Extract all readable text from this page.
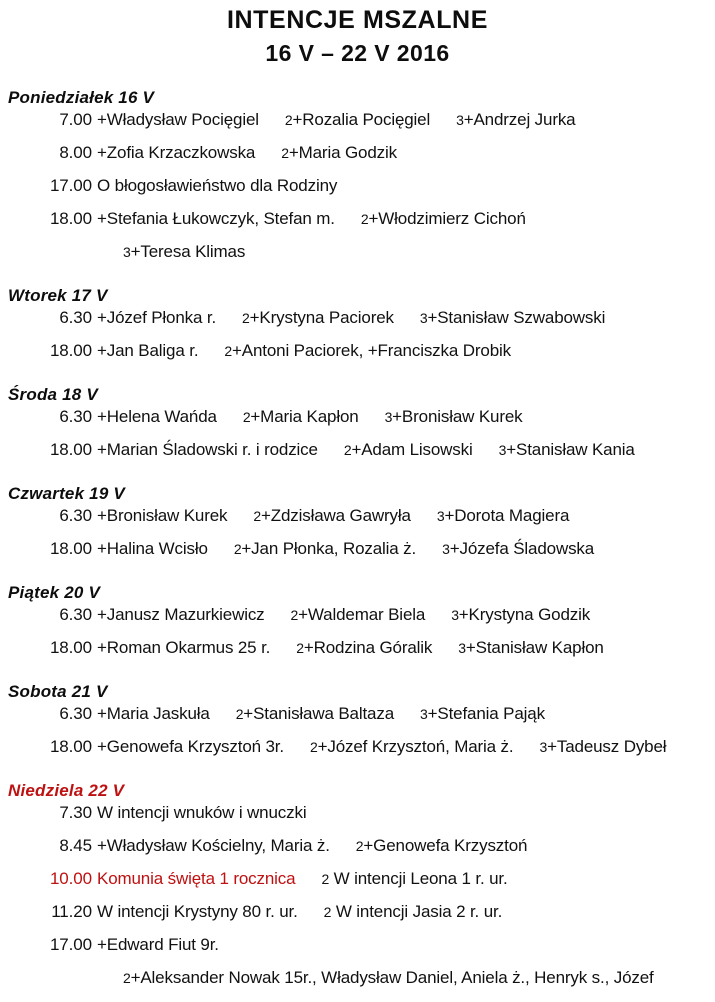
INTENCJE MSZALNE
16 V – 22 V 2016
Poniedziałek 16 V
7.00 +Władysław Pocięgiel 2+Rozalia Pocięgiel 3+Andrzej Jurka
8.00 +Zofia Krzaczkowska 2+Maria Godzik
17.00 O błogosławieństwo dla Rodziny
18.00 +Stefania Łukowczyk, Stefan m. 2+Włodzimierz Cichoń
3+Teresa Klimas
Wtorek 17 V
6.30 +Józef Płonka r. 2+Krystyna Paciorek 3+Stanisław Szwabowski
18.00 +Jan Baliga r. 2+Antoni Paciorek, +Franciszka Drobik
Środa 18 V
6.30 +Helena Wańda 2+Maria Kapłon 3+Bronisław Kurek
18.00 +Marian Śladowski r. i rodzice 2+Adam Lisowski 3+Stanisław Kania
Czwartek 19 V
6.30 +Bronisław Kurek 2+Zdzisława Gawryła 3+Dorota Magiera
18.00 +Halina Wcisło 2+Jan Płonka, Rozalia ż. 3+Józefa Śladowska
Piątek 20 V
6.30 +Janusz Mazurkiewicz 2+Waldemar Biela 3+Krystyna Godzik
18.00 +Roman Okarmus 25 r. 2+Rodzina Góralik 3+Stanisław Kapłon
Sobota 21 V
6.30 +Maria Jaskuła 2+Stanisława Baltaza 3+Stefania Pająk
18.00 +Genowefa Krzysztoń 3r. 2+Józef Krzysztoń, Maria ż. 3+Tadeusz Dybeł
Niedziela 22 V
7.30 W intencji wnuków i wnuczki
8.45 +Władysław Kościelny, Maria ż. 2+Genowefa Krzysztoń
10.00 Komunia święta 1 rocznica 2 W intencji Leona 1 r. ur.
11.20 W intencji Krystyny 80 r. ur. 2 W intencji Jasia 2 r. ur.
17.00 +Edward Fiut 9r.
2+Aleksander Nowak 15r., Władysław Daniel, Aniela ż., Henryk s., Józef
